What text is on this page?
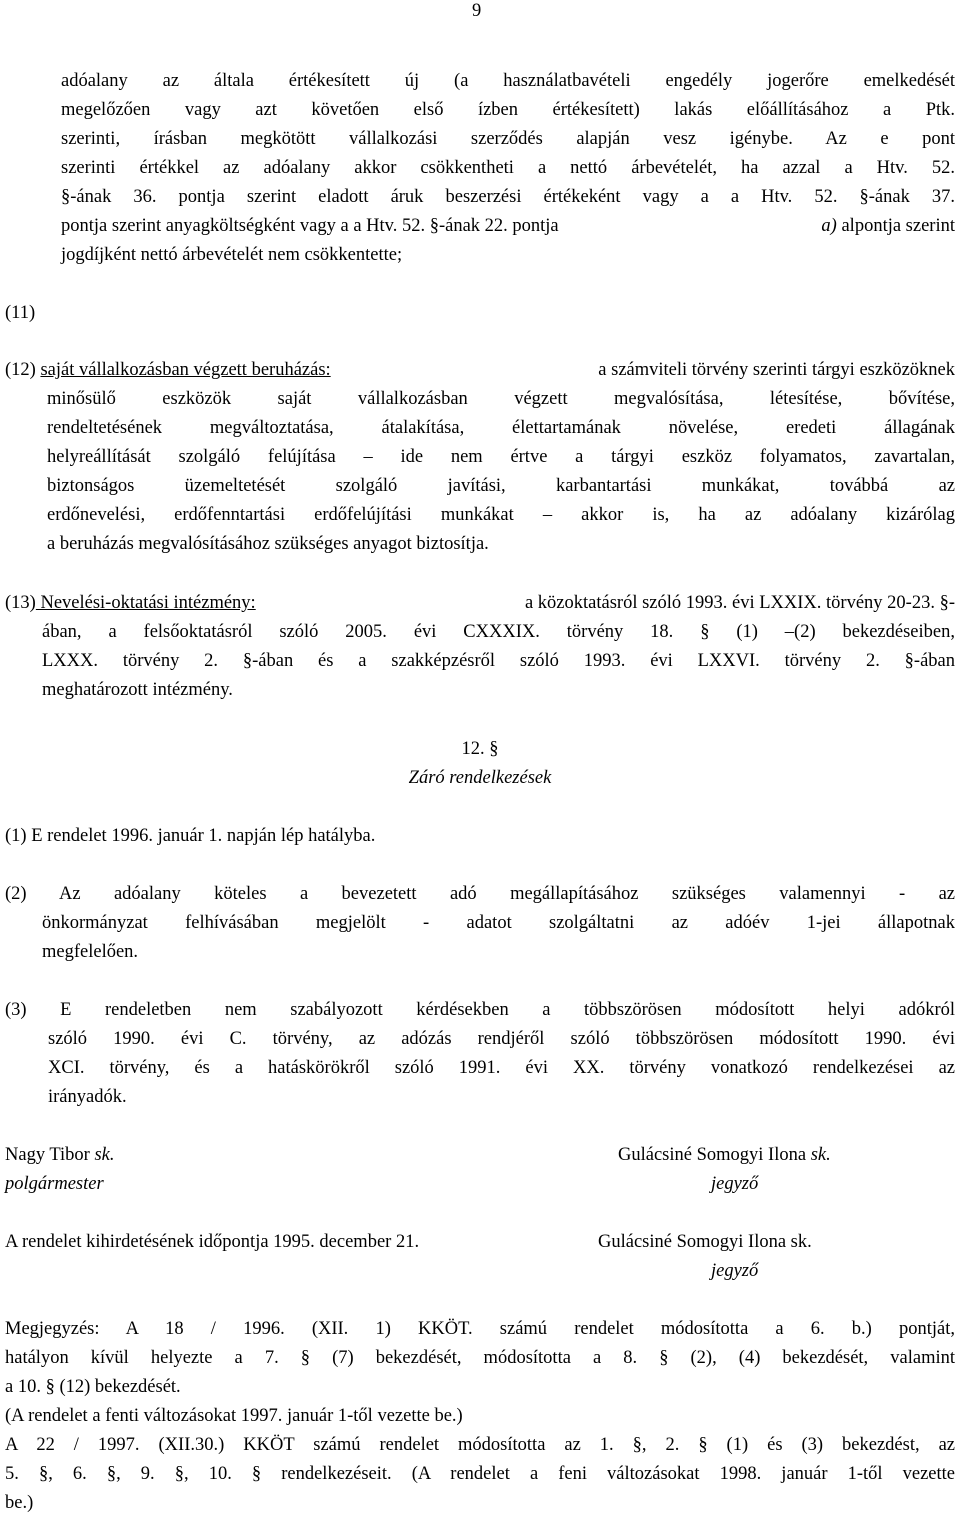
9
adóalany az általa értékesített új (a használatbavételi engedély jogerőre emelkedését
megelőzően vagy azt követően első ízben értékesített) lakás előállításához a Ptk.
szerinti, írásban megkötött vállalkozási szerződés alapján vesz igénybe. Az e pont
szerinti értékkel az adóalany akkor csökkentheti a nettó árbevételét, ha azzal a Htv. 52.
§-ának 36. pontja szerint eladott áruk beszerzési értékeként vagy a a Htv. 52. §-ának 37.
pontja szerint anyagköltségként vagy a a Htv. 52. §-ának 22. pontja	a) alpontja szerint
jogdíjként nettó árbevételét nem csökkentette;
(11)
(12) saját vállalkozásban végzett beruházás:	a számviteli törvény szerinti tárgyi eszközöknek
minősülő eszközök saját vállalkozásban végzett megvalósítása, létesítése, bővítése,
rendeltetésének megváltoztatása, átalakítása, élettartamának növelése, eredeti állagának
helyreállítását szolgáló felújítása – ide nem értve a tárgyi eszköz folyamatos, zavartalan,
biztonságos üzemeltetését szolgáló javítási, karbantartási munkákat, továbbá az
erdőnevelési, erdőfenntartási erdőfelújítási munkákat – akkor is, ha az adóalany kizárólag
a beruházás megvalósításához szükséges anyagot biztosítja.
(13) Nevelési-oktatási intézmény:	a közoktatásról szóló 1993. évi LXXIX. törvény 20-23. §-
ában, a felsőoktatásról szóló 2005. évi CXXXIX. törvény 18. § (1) –(2) bekezdéseiben,
LXXX. törvény 2. §-ában és a szakképzésről szóló 1993. évi LXXVI. törvény 2. §-ában
meghatározott intézmény.
12. §
Záró rendelkezések
(1) E rendelet 1996. január 1. napján lép hatályba.
(2) Az adóalany köteles a bevezetett adó megállapításához szükséges valamennyi - az
önkormányzat felhívásában megjelölt - adatot szolgáltatni az adóév 1-jei állapotnak
megfelelően.
(3) E rendeletben nem szabályozott kérdésekben a többszörösen módosított helyi adókról
szóló 1990. évi C. törvény, az adózás rendjéről szóló többszörösen módosított 1990. évi
XCI. törvény, és a hatáskörökről szóló 1991. évi XX. törvény vonatkozó rendelkezései az
irányadók.
Nagy Tibor sk.
polgármester
Gulácsiné Somogyi Ilona sk.
jegyző
A rendelet kihirdetésének időpontja 1995. december 21.	Gulácsiné Somogyi Ilona sk.
jegyző
Megjegyzés: A 18 / 1996. (XII. 1) KKÖT. számú rendelet módosította a 6. b.) pontját,
hatályon kívül helyezte a 7. § (7) bekezdését, módosította a 8. § (2), (4) bekezdését, valamint
a 10. § (12) bekezdését.
(A rendelet a fenti változásokat 1997. január 1-től vezette be.)
A 22 / 1997. (XII.30.) KKÖT számú rendelet módosította az 1. §, 2. § (1) és (3) bekezdést, az
5. §, 6. §, 9. §, 10. § rendelkezéseit. (A rendelet a feni változásokat 1998. január 1-től vezette
be.)
